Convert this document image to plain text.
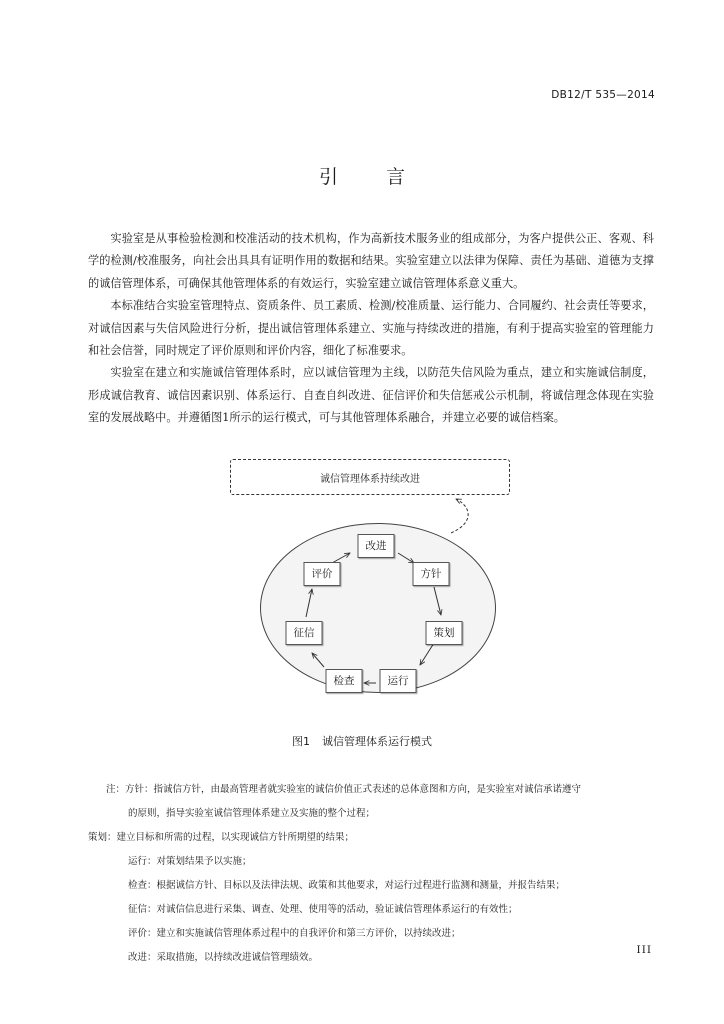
DB12/T 535—2014
引	言

实验室是从事检验检测和校准活动的技术机构，作为高新技术服务业的组成部分，为客户提供公正、客观、科学的检测/校准服务，向社会出具具有证明作用的数据和结果。实验室建立以法律为保障、责任为基础、道德为支撑的诚信管理体系，可确保其他管理体系的有效运行，实验室建立诚信管理体系意义重大。

本标准结合实验室管理特点、资质条件、员工素质、检测/校准质量、运行能力、合同履约、社会责任等要求，对诚信因素与失信风险进行分析，提出诚信管理体系建立、实施与持续改进的措施，有利于提高实验室的管理能力和社会信誉，同时规定了评价原则和评价内容，细化了标准要求。

实验室在建立和实施诚信管理体系时，应以诚信管理为主线，以防范失信风险为重点，建立和实施诚信制度，形成诚信教育、诚信因素识别、体系运行、自查自纠改进、征信评价和失信惩戒公示机制，将诚信理念体现在实验室的发展战略中。并遵循图1所示的运行模式，可与其他管理体系融合，并建立必要的诚信档案。

诚信管理体系持续改进
改进
方针
评价
策划
征信
运行
检查
图1 诚信管理体系运行模式
注：方针：指诚信方针，由最高管理者就实验室的诚信价值正式表述的总体意图和方向，是实验室对诚信承诺遵守
的原则，指导实验室诚信管理体系建立及实施的整个过程；
策划：建立目标和所需的过程，以实现诚信方针所期望的结果；
运行：对策划结果予以实施；
检查：根据诚信方针、目标以及法律法规、政策和其他要求，对运行过程进行监测和测量，并报告结果；
征信：对诚信信息进行采集、调查、处理、使用等的活动，验证诚信管理体系运行的有效性；
评价：建立和实施诚信管理体系过程中的自我评价和第三方评价，以持续改进；
改进：采取措施，以持续改进诚信管理绩效。
III
